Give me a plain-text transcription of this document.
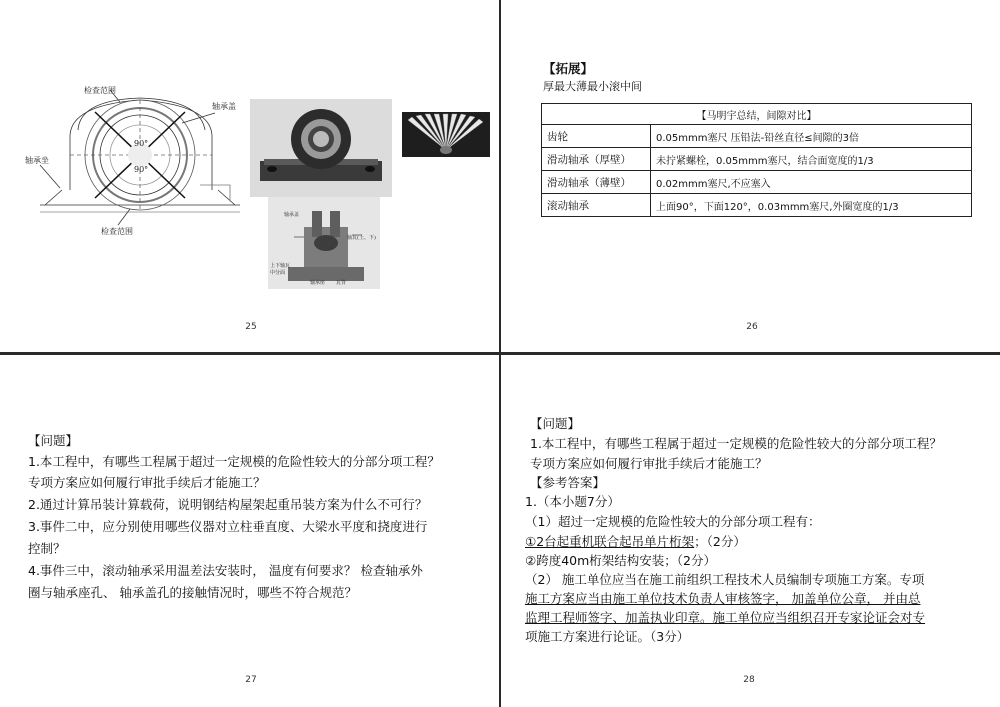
检查范围
轴承盖
轴承坐
检查范围
90°
90°
轴承盖
轴瓦(上、下)
瓦背
轴承座
上下轴瓦中分面
25
【拓展】
厚最大薄最小滚中间
【马明宇总结，间隙对比】	
齿轮	0.05mmm塞尺 压铅法-铅丝直径≤间隙的3倍
滑动轴承（厚壁）	未拧紧螺栓，0.05mmm塞尺，结合面宽度的1/3
滑动轴承（薄壁）	0.02mmm塞尺,不应塞入
滚动轴承	上面90°，下面120°，0.03mmm塞尺,外圈宽度的1/3
26
【问题】
1.本工程中，有哪些工程属于超过一定规模的危险性较大的分部分项工程？
专项方案应如何履行审批手续后才能施工？
2.通过计算吊装计算载荷，说明钢结构屋架起重吊装方案为什么不可行？
3.事件二中，应分别使用哪些仪器对立柱垂直度、大梁水平度和挠度进行
控制？
4.事件三中，滚动轴承采用温差法安装时， 温度有何要求？ 检查轴承外
圈与轴承座孔、 轴承盖孔的接触情况时，哪些不符合规范？
27
【问题】
1.本工程中，有哪些工程属于超过一定规模的危险性较大的分部分项工程？
专项方案应如何履行审批手续后才能施工？
【参考答案】
1.（本小题7分）
（1）超过一定规模的危险性较大的分部分项工程有：
①2台起重机联合起吊单片桁架；（2分）
②跨度40m桁架结构安装；（2分）
（2） 施工单位应当在施工前组织工程技术人员编制专项施工方案。专项
施工方案应当由施工单位技术负责人审核签字， 加盖单位公章， 并由总
监理工程师签字、加盖执业印章。施工单位应当组织召开专家论证会对专
项施工方案进行论证。（3分）
28
